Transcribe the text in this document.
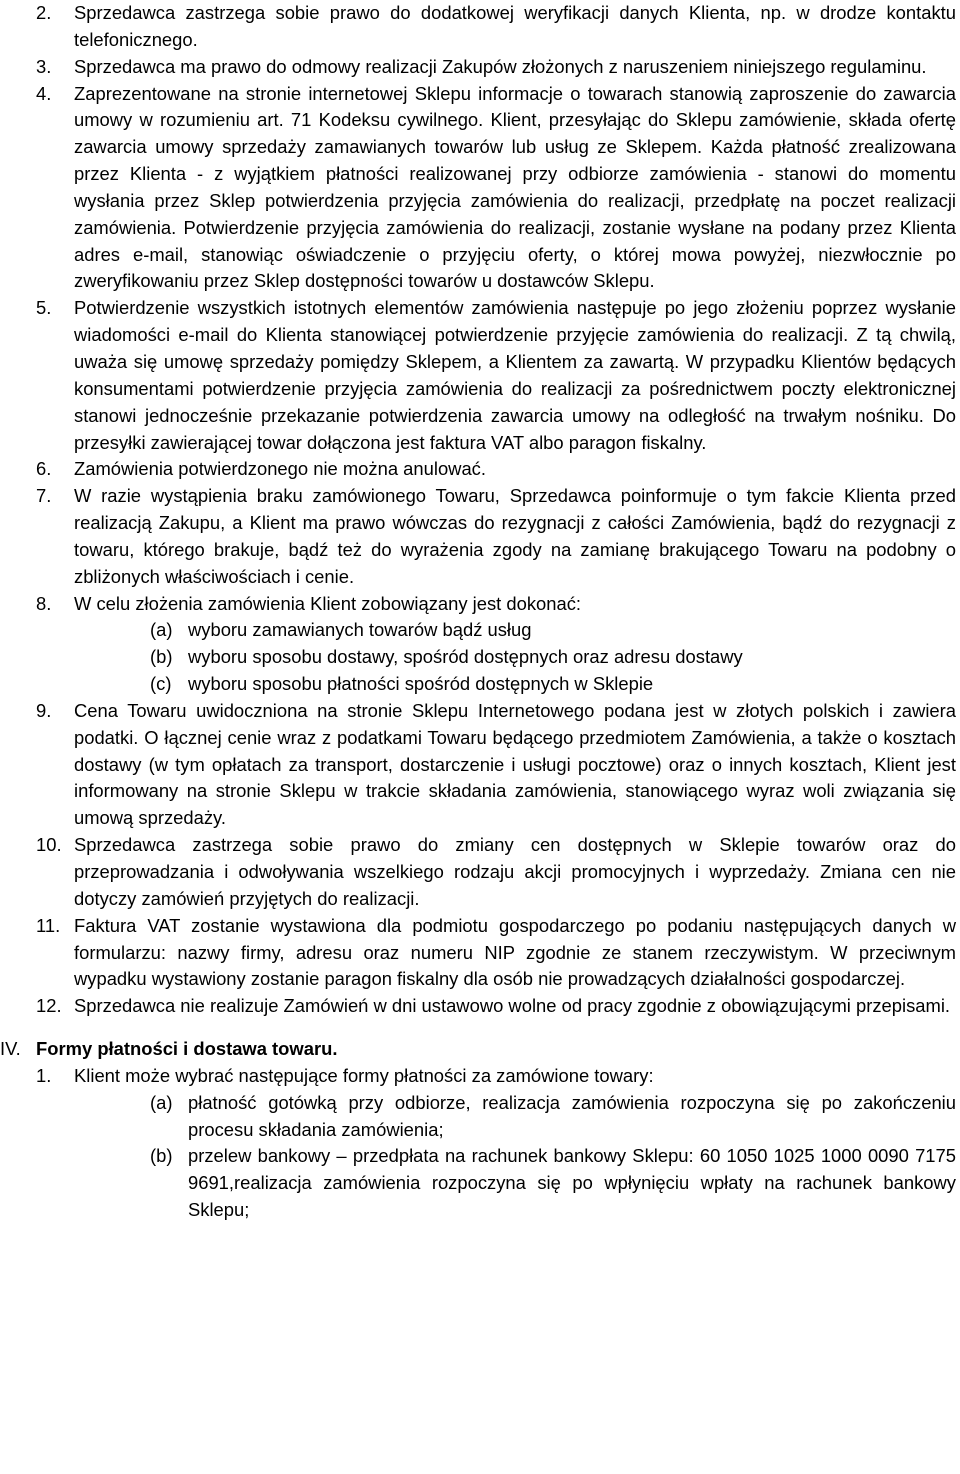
2. Sprzedawca zastrzega sobie prawo do dodatkowej weryfikacji danych Klienta, np. w drodze kontaktu telefonicznego.
3. Sprzedawca ma prawo do odmowy realizacji Zakupów złożonych z naruszeniem niniejszego regulaminu.
4. Zaprezentowane na stronie internetowej Sklepu informacje o towarach stanowią zaproszenie do zawarcia umowy w rozumieniu art. 71 Kodeksu cywilnego. Klient, przesyłając do Sklepu zamówienie, składa ofertę zawarcia umowy sprzedaży zamawianych towarów lub usług ze Sklepem. Każda płatność zrealizowana przez Klienta - z wyjątkiem płatności realizowanej przy odbiorze zamówienia - stanowi do momentu wysłania przez Sklep potwierdzenia przyjęcia zamówienia do realizacji, przedpłatę na poczet realizacji zamówienia. Potwierdzenie przyjęcia zamówienia do realizacji, zostanie wysłane na podany przez Klienta adres e-mail, stanowiąc oświadczenie o przyjęciu oferty, o której mowa powyżej, niezwłocznie po zweryfikowaniu przez Sklep dostępności towarów u dostawców Sklepu.
5. Potwierdzenie wszystkich istotnych elementów zamówienia następuje po jego złożeniu poprzez wysłanie wiadomości e-mail do Klienta stanowiącej potwierdzenie przyjęcie zamówienia do realizacji. Z tą chwilą, uważa się umowę sprzedaży pomiędzy Sklepem, a Klientem za zawartą. W przypadku Klientów będących konsumentami potwierdzenie przyjęcia zamówienia do realizacji za pośrednictwem poczty elektronicznej stanowi jednocześnie przekazanie potwierdzenia zawarcia umowy na odległość na trwałym nośniku. Do przesyłki zawierającej towar dołączona jest faktura VAT albo paragon fiskalny.
6. Zamówienia potwierdzonego nie można anulować.
7. W razie wystąpienia braku zamówionego Towaru, Sprzedawca poinformuje o tym fakcie Klienta przed realizacją Zakupu, a Klient ma prawo wówczas do rezygnacji z całości Zamówienia, bądź do rezygnacji z towaru, którego brakuje, bądź też do wyrażenia zgody na zamianę brakującego Towaru na podobny o zbliżonych właściwościach i cenie.
8. W celu złożenia zamówienia Klient zobowiązany jest dokonać:
(a) wyboru zamawianych towarów bądź usług
(b) wyboru sposobu dostawy, spośród dostępnych oraz adresu dostawy
(c) wyboru sposobu płatności spośród dostępnych w Sklepie
9. Cena Towaru uwidoczniona na stronie Sklepu Internetowego podana jest w złotych polskich i zawiera podatki. O łącznej cenie wraz z podatkami Towaru będącego przedmiotem Zamówienia, a także o kosztach dostawy (w tym opłatach za transport, dostarczenie i usługi pocztowe) oraz o innych kosztach, Klient jest informowany na stronie Sklepu w trakcie składania zamówienia, stanowiącego wyraz woli związania się umową sprzedaży.
10. Sprzedawca zastrzega sobie prawo do zmiany cen dostępnych w Sklepie towarów oraz do przeprowadzania i odwoływania wszelkiego rodzaju akcji promocyjnych i wyprzedaży. Zmiana cen nie dotyczy zamówień przyjętych do realizacji.
11. Faktura VAT zostanie wystawiona dla podmiotu gospodarczego po podaniu następujących danych w formularzu: nazwy firmy, adresu oraz numeru NIP zgodnie ze stanem rzeczywistym. W przeciwnym wypadku wystawiony zostanie paragon fiskalny dla osób nie prowadzących działalności gospodarczej.
12. Sprzedawca nie realizuje Zamówień w dni ustawowo wolne od pracy zgodnie z obowiązującymi przepisami.
IV. Formy płatności i dostawa towaru.
1. Klient może wybrać następujące formy płatności za zamówione towary:
(a) płatność gotówką przy odbiorze, realizacja zamówienia rozpoczyna się po zakończeniu procesu składania zamówienia;
(b) przelew bankowy – przedpłata na rachunek bankowy Sklepu: 60 1050 1025 1000 0090 7175 9691,realizacja zamówienia rozpoczyna się po wpłynięciu wpłaty na rachunek bankowy Sklepu;
